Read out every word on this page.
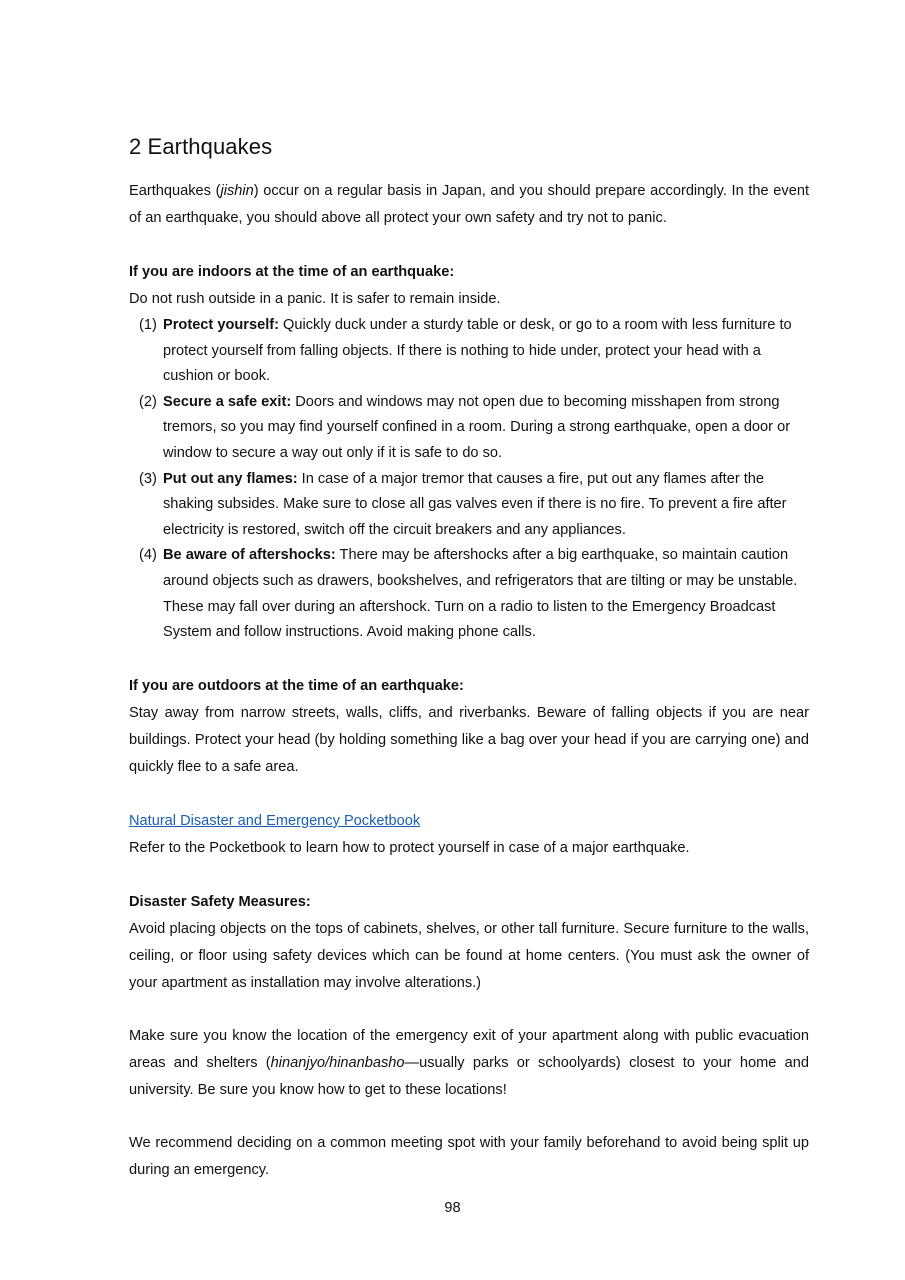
2 Earthquakes

Earthquakes (jishin) occur on a regular basis in Japan, and you should prepare accordingly. In the event of an earthquake, you should above all protect your own safety and try not to panic.

If you are indoors at the time of an earthquake:

Do not rush outside in a panic. It is safer to remain inside.

(1) Protect yourself: Quickly duck under a sturdy table or desk, or go to a room with less furniture to protect yourself from falling objects. If there is nothing to hide under, protect your head with a cushion or book.
(2) Secure a safe exit: Doors and windows may not open due to becoming misshapen from strong tremors, so you may find yourself confined in a room. During a strong earthquake, open a door or window to secure a way out only if it is safe to do so.
(3) Put out any flames: In case of a major tremor that causes a fire, put out any flames after the shaking subsides. Make sure to close all gas valves even if there is no fire. To prevent a fire after electricity is restored, switch off the circuit breakers and any appliances.
(4) Be aware of aftershocks: There may be aftershocks after a big earthquake, so maintain caution around objects such as drawers, bookshelves, and refrigerators that are tilting or may be unstable. These may fall over during an aftershock. Turn on a radio to listen to the Emergency Broadcast System and follow instructions. Avoid making phone calls.

If you are outdoors at the time of an earthquake:

Stay away from narrow streets, walls, cliffs, and riverbanks. Beware of falling objects if you are near buildings. Protect your head (by holding something like a bag over your head if you are carrying one) and quickly flee to a safe area.

Natural Disaster and Emergency Pocketbook

Refer to the Pocketbook to learn how to protect yourself in case of a major earthquake.

Disaster Safety Measures:

Avoid placing objects on the tops of cabinets, shelves, or other tall furniture. Secure furniture to the walls, ceiling, or floor using safety devices which can be found at home centers. (You must ask the owner of your apartment as installation may involve alterations.)

Make sure you know the location of the emergency exit of your apartment along with public evacuation areas and shelters (hinanjyo/hinanbasho—usually parks or schoolyards) closest to your home and university. Be sure you know how to get to these locations!

We recommend deciding on a common meeting spot with your family beforehand to avoid being split up during an emergency.

98
